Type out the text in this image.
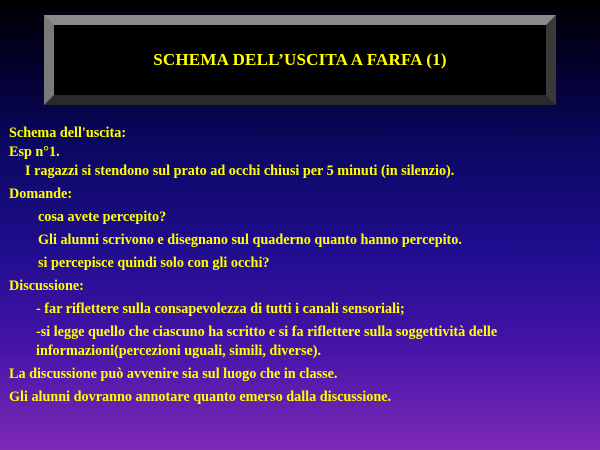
SCHEMA DELL’USCITA A FARFA (1)
Schema dell'uscita:
Esp n°1.
I ragazzi si stendono sul prato ad occhi chiusi per 5 minuti (in silenzio).
Domande:
cosa avete percepito?
Gli alunni scrivono e disegnano sul quaderno quanto hanno percepito.
si percepisce quindi solo con gli occhi?
Discussione:
- far riflettere sulla consapevolezza di tutti i canali sensoriali;
-si legge quello che ciascuno ha scritto e si fa riflettere sulla soggettività delle
informazioni(percezioni uguali, simili, diverse).
La discussione può avvenire sia sul luogo che in classe.
Gli alunni dovranno annotare quanto emerso dalla discussione.
